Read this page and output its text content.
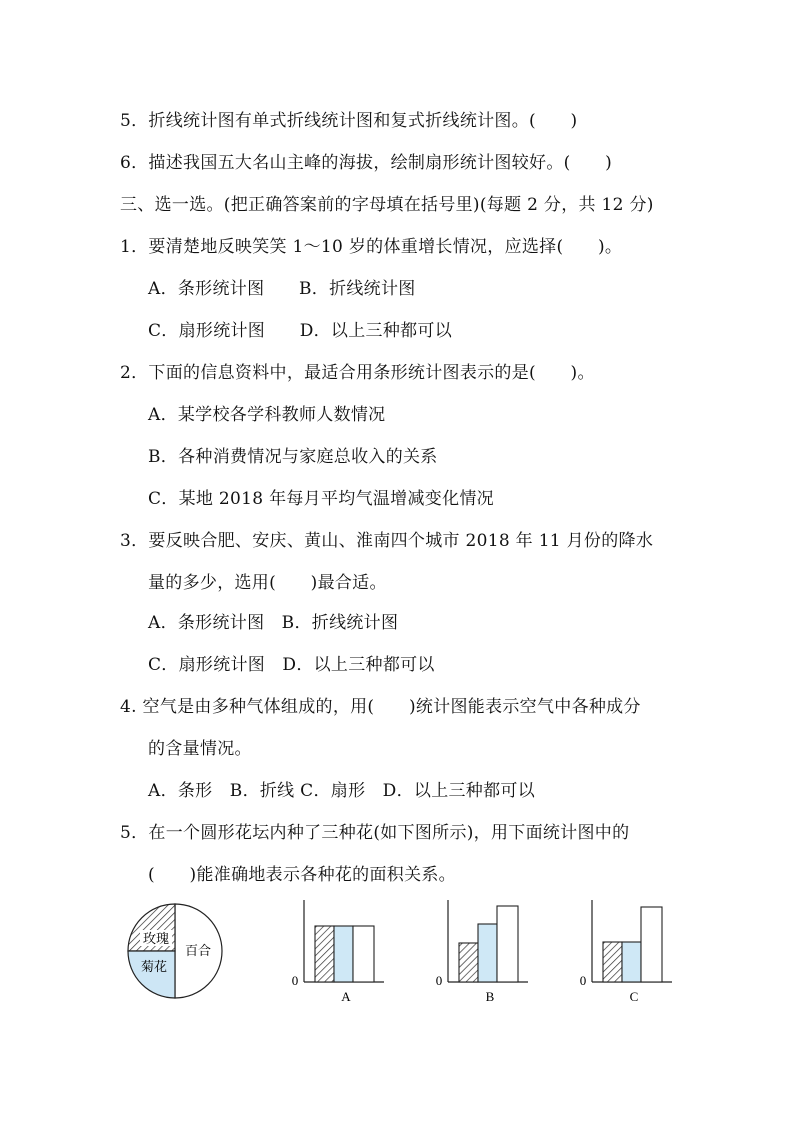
5．折线统计图有单式折线统计图和复式折线统计图。(　　)
6．描述我国五大名山主峰的海拔，绘制扇形统计图较好。(　　)
三、选一选。(把正确答案前的字母填在括号里)(每题 2 分，共 12 分)
1．要清楚地反映笑笑 1～10 岁的体重增长情况，应选择(　　)。
A．条形统计图　　B．折线统计图
C．扇形统计图　　D．以上三种都可以
2．下面的信息资料中，最适合用条形统计图表示的是(　　)。
A．某学校各学科教师人数情况
B．各种消费情况与家庭总收入的关系
C．某地 2018 年每月平均气温增减变化情况
3．要反映合肥、安庆、黄山、淮南四个城市 2018 年 11 月份的降水
量的多少，选用(　　)最合适。
A．条形统计图　B．折线统计图
C．扇形统计图　D．以上三种都可以
4. 空气是由多种气体组成的，用(　　)统计图能表示空气中各种成分
的含量情况。
A．条形　B．折线 C．扇形　D．以上三种都可以
5．在一个圆形花坛内种了三种花(如下图所示)，用下面统计图中的
(　　)能准确地表示各种花的面积关系。
玫瑰
百合
菊花
0
A
0
B
0
C
